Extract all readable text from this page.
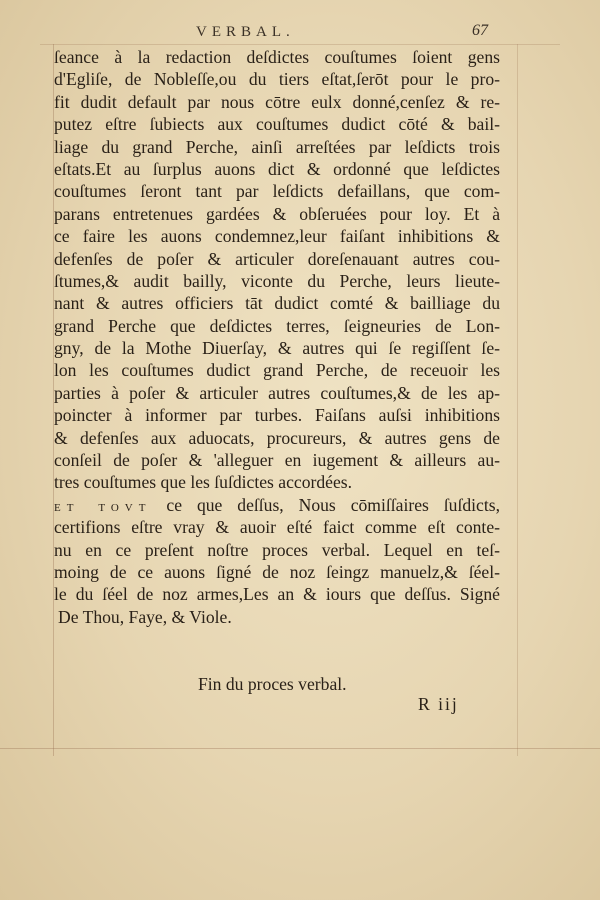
VERBAL.	67
ſeance à la redaction deſdictes couſtumes ſoient gens
d'Egliſe, de Nobleſſe,ou du tiers eſtat,ſerōt pour le pro-
fit dudit default par nous cōtre eulx donné,cenſez & re-
putez eſtre ſubiects aux couſtumes dudict cōté & bail-
liage du grand Perche, ainſi arreſtées par leſdicts trois
eſtats.Et au ſurplus auons dict & ordonné que leſdictes
couſtumes ſeront tant par leſdicts defaillans, que com-
parans entretenues gardées & obſeruées pour loy. Et à
ce faire les auons condemnez,leur faiſant inhibitions &
defenſes de poſer & articuler doreſenauant autres cou-
ſtumes,& audit bailly, viconte du Perche, leurs lieute-
nant & autres officiers tāt dudict comté & bailliage du
grand Perche que deſdictes terres, ſeigneuries de Lon-
gny, de la Mothe Diuerſay, & autres qui ſe regiſſent ſe-
lon les couſtumes dudict grand Perche, de receuoir les
parties à poſer & articuler autres couſtumes,& de les ap-
poincter à informer par turbes. Faiſans auſsi inhibitions
& defenſes aux aduocats, procureurs, & autres gens de
conſeil de poſer & 'alleguer en iugement & ailleurs au-
tres couſtumes que les ſuſdictes accordées.
ET TOVT ce que deſſus, Nous cōmiſſaires ſuſdicts,
certifions eſtre vray & auoir eſté faict comme eſt conte-
nu en ce preſent noſtre proces verbal. Lequel en teſ-
moing de ce auons ſigné de noz ſeingz manuelz,& ſéel-
le du ſéel de noz armes,Les an & iours que deſſus. Signé
De Thou, Faye, & Viole.
Fin du proces verbal.
R iij
